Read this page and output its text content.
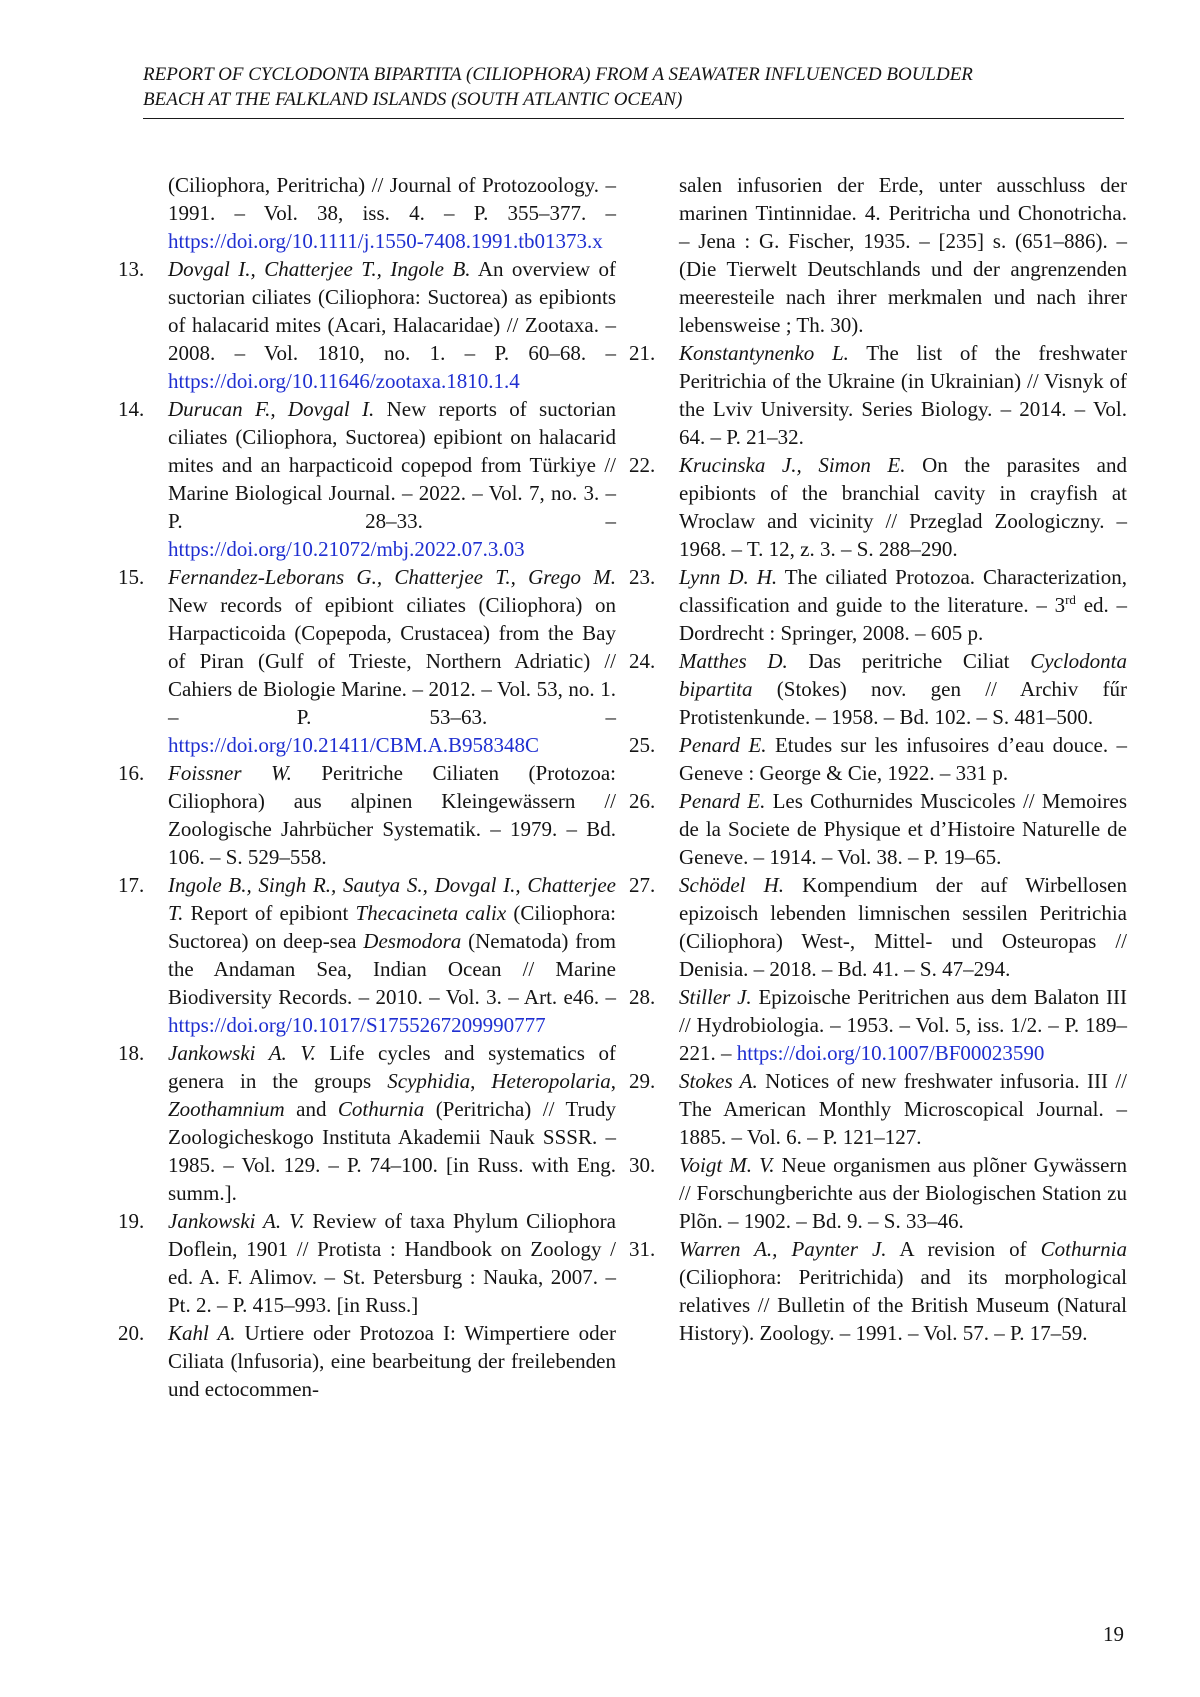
REPORT OF CYCLODONTA BIPARTITA (CILIOPHORA) FROM A SEAWATER INFLUENCED BOULDER
BEACH AT THE FALKLAND ISLANDS (SOUTH ATLANTIC OCEAN)
(Ciliophora, Peritricha) // Journal of Protozoology. – 1991. – Vol. 38, iss. 4. – P. 355–377. – https://doi.org/10.1111/j.1550-7408.1991.tb01373.x
13. Dovgal I., Chatterjee T., Ingole B. An overview of suctorian ciliates (Ciliophora: Suctorea) as epibionts of halacarid mites (Acari, Halacaridae) // Zootaxa. – 2008. – Vol. 1810, no. 1. – P. 60–68. – https://doi.org/10.11646/zootaxa.1810.1.4
14. Durucan F., Dovgal I. New reports of suctorian ciliates (Ciliophora, Suctorea) epibiont on halacarid mites and an harpacticoid copepod from Türkiye // Marine Biological Journal. – 2022. – Vol. 7, no. 3. – P. 28–33. – https://doi.org/10.21072/mbj.2022.07.3.03
15. Fernandez-Leborans G., Chatterjee T., Grego M. New records of epibiont ciliates (Ciliophora) on Harpacticoida (Copepoda, Crustacea) from the Bay of Piran (Gulf of Trieste, Northern Adriatic) // Cahiers de Biologie Marine. – 2012. – Vol. 53, no. 1. – P. 53–63. – https://doi.org/10.21411/CBM.A.B958348C
16. Foissner W. Peritriche Ciliaten (Protozoa: Ciliophora) aus alpinen Kleingewässern // Zoologische Jahrbücher Systematik. – 1979. – Bd. 106. – S. 529–558.
17. Ingole B., Singh R., Sautya S., Dovgal I., Chatterjee T. Report of epibiont Thecacineta calix (Ciliophora: Suctorea) on deep-sea Desmodora (Nematoda) from the Andaman Sea, Indian Ocean // Marine Biodiversity Records. – 2010. – Vol. 3. – Art. e46. – https://doi.org/10.1017/S1755267209990777
18. Jankowski A. V. Life cycles and systematics of genera in the groups Scyphidia, Heteropolaria, Zoothamnium and Cothurnia (Peritricha) // Trudy Zoologicheskogo Instituta Akademii Nauk SSSR. – 1985. – Vol. 129. – P. 74–100. [in Russ. with Eng. summ.].
19. Jankowski A. V. Review of taxa Phylum Ciliophora Doflein, 1901 // Protista : Handbook on Zoology / ed. A. F. Alimov. – St. Petersburg : Nauka, 2007. – Pt. 2. – P. 415–993. [in Russ.]
20. Kahl A. Urtiere oder Protozoa I: Wimpertiere oder Ciliata (lnfusoria), eine bearbeitung der freilebenden und ectocommen-
salen infusorien der Erde, unter ausschluss der marinen Tintinnidae. 4. Peritricha und Chonotricha. – Jena : G. Fischer, 1935. – [235] s. (651–886). – (Die Tierwelt Deutschlands und der angrenzenden meeresteile nach ihrer merkmalen und nach ihrer lebensweise ; Th. 30).
21. Konstantynenko L. The list of the freshwater Peritrichia of the Ukraine (in Ukrainian) // Visnyk of the Lviv University. Series Biology. – 2014. – Vol. 64. – P. 21–32.
22. Krucinska J., Simon E. On the parasites and epibionts of the branchial cavity in crayfish at Wroclaw and vicinity // Przeglad Zoologiczny. – 1968. – T. 12, z. 3. – S. 288–290.
23. Lynn D. H. The ciliated Protozoa. Characterization, classification and guide to the literature. – 3rd ed. – Dordrecht : Springer, 2008. – 605 p.
24. Matthes D. Das peritriche Ciliat Cyclodonta bipartita (Stokes) nov. gen // Archiv fűr Protistenkunde. – 1958. – Bd. 102. – S. 481–500.
25. Penard E. Etudes sur les infusoires d’eau douce. – Geneve : George & Cie, 1922. – 331 p.
26. Penard E. Les Cothurnides Muscicoles // Memoires de la Societe de Physique et d’Histoire Naturelle de Geneve. – 1914. – Vol. 38. – P. 19–65.
27. Schödel H. Kompendium der auf Wirbellosen epizoisch lebenden limnischen sessilen Peritrichia (Ciliophora) West-, Mittel- und Osteuropas // Denisia. – 2018. – Bd. 41. – S. 47–294.
28. Stiller J. Epizoische Peritrichen aus dem Balaton III // Hydrobiologia. – 1953. – Vol. 5, iss. 1/2. – P. 189–221. – https://doi.org/10.1007/BF00023590
29. Stokes A. Notices of new freshwater infusoria. III // The American Monthly Microscopical Journal. – 1885. – Vol. 6. – P. 121–127.
30. Voigt M. V. Neue organismen aus plõner Gywässern // Forschungberichte aus der Biologischen Station zu Plõn. – 1902. – Bd. 9. – S. 33–46.
31. Warren A., Paynter J. A revision of Cothurnia (Ciliophora: Peritrichida) and its morphological relatives // Bulletin of the British Museum (Natural History). Zoology. – 1991. – Vol. 57. – P. 17–59.
19
